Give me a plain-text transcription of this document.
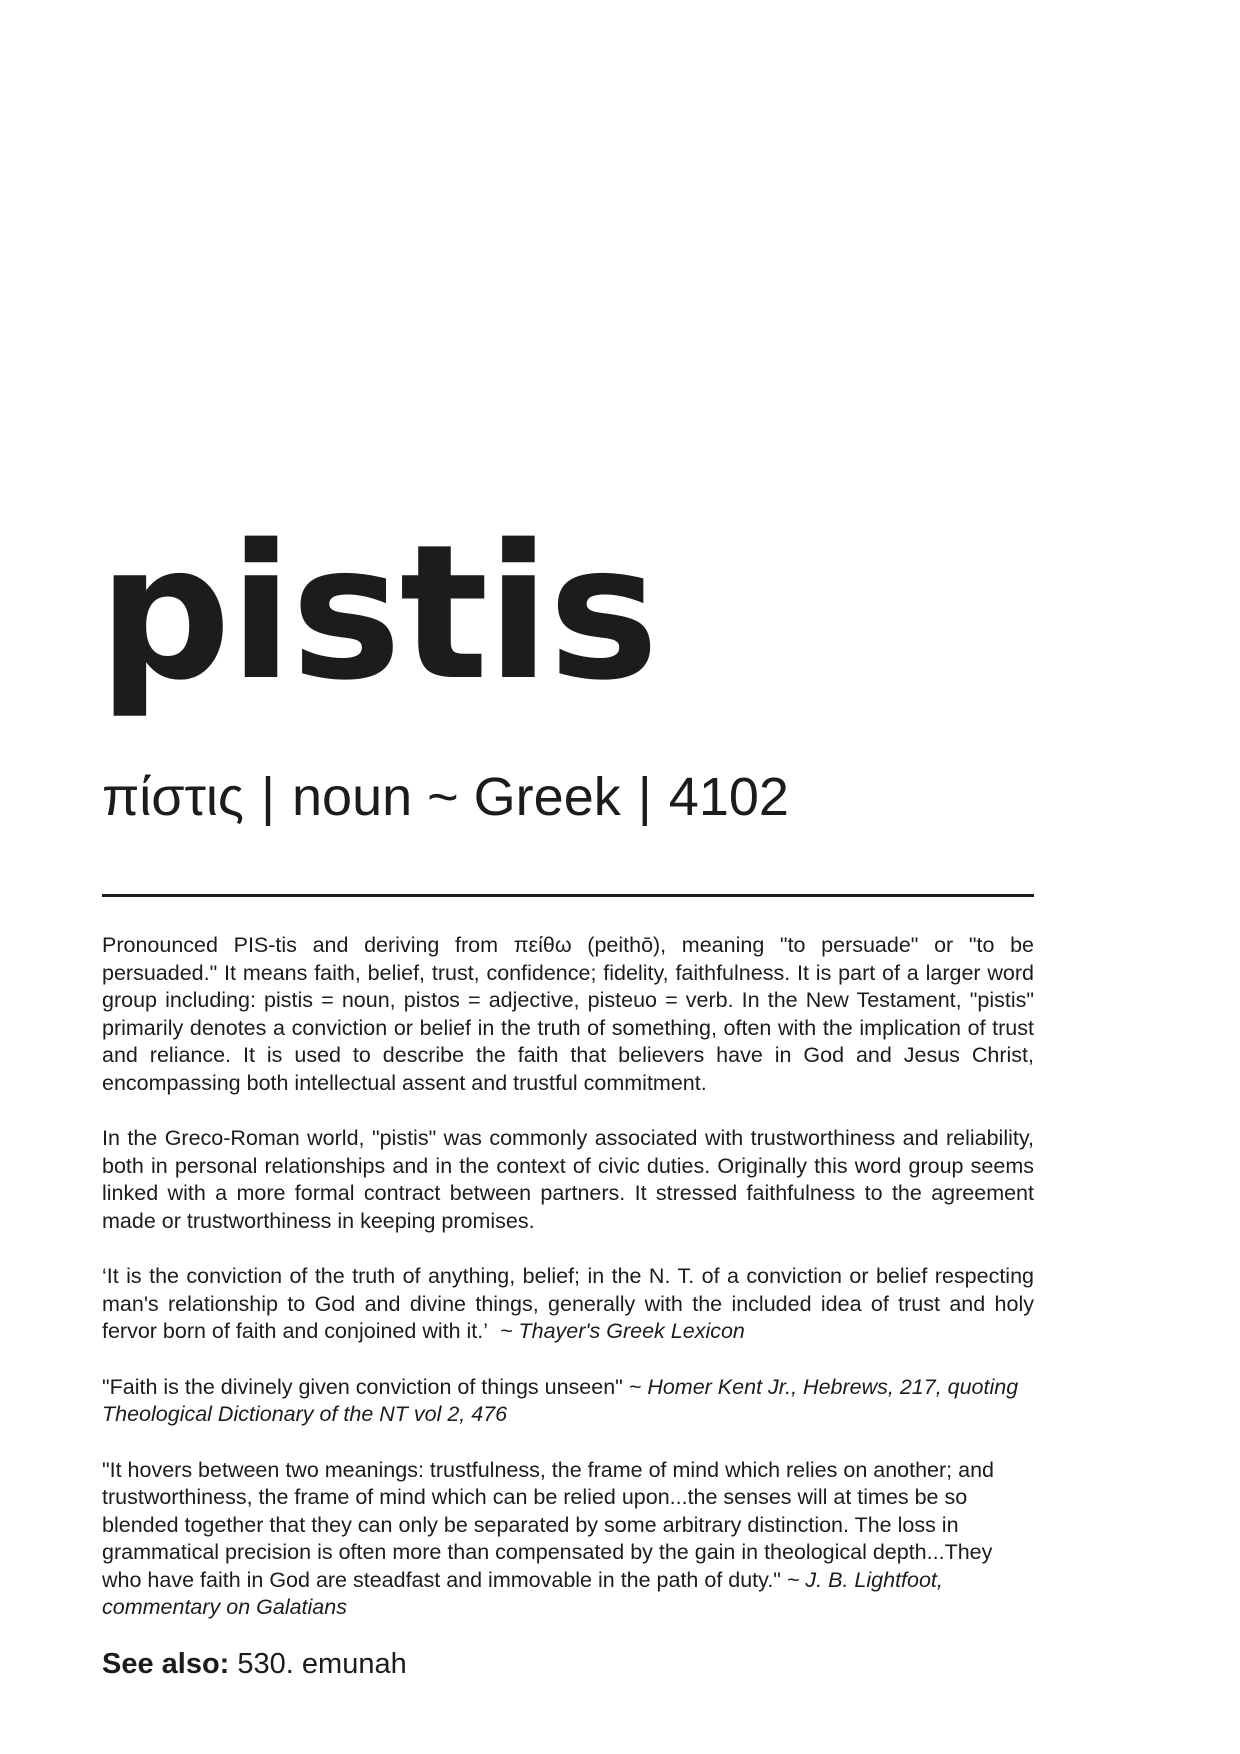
pistis
πίστις | noun ~ Greek | 4102

Pronounced PIS-tis and deriving from πείθω (peithō), meaning "to persuade" or "to be persuaded." It means faith, belief, trust, confidence; fidelity, faithfulness. It is part of a larger word group including: pistis = noun, pistos = adjective, pisteuo = verb. In the New Testament, "pistis" primarily denotes a conviction or belief in the truth of something, often with the implication of trust and reliance. It is used to describe the faith that believers have in God and Jesus Christ, encompassing both intellectual assent and trustful commitment.

In the Greco-Roman world, "pistis" was commonly associated with trustworthiness and reliability, both in personal relationships and in the context of civic duties. Originally this word group seems linked with a more formal contract between partners. It stressed faithfulness to the agreement made or trustworthiness in keeping promises.

‘It is the conviction of the truth of anything, belief; in the N. T. of a conviction or belief respecting man's relationship to God and divine things, generally with the included idea of trust and holy fervor born of faith and conjoined with it.’ ~ Thayer's Greek Lexicon

"Faith is the divinely given conviction of things unseen" ~ Homer Kent Jr., Hebrews, 217, quoting Theological Dictionary of the NT vol 2, 476

"It hovers between two meanings: trustfulness, the frame of mind which relies on another; and trustworthiness, the frame of mind which can be relied upon...the senses will at times be so blended together that they can only be separated by some arbitrary distinction. The loss in grammatical precision is often more than compensated by the gain in theological depth...They who have faith in God are steadfast and immovable in the path of duty." ~ J. B. Lightfoot, commentary on Galatians

See also: 530. emunah
